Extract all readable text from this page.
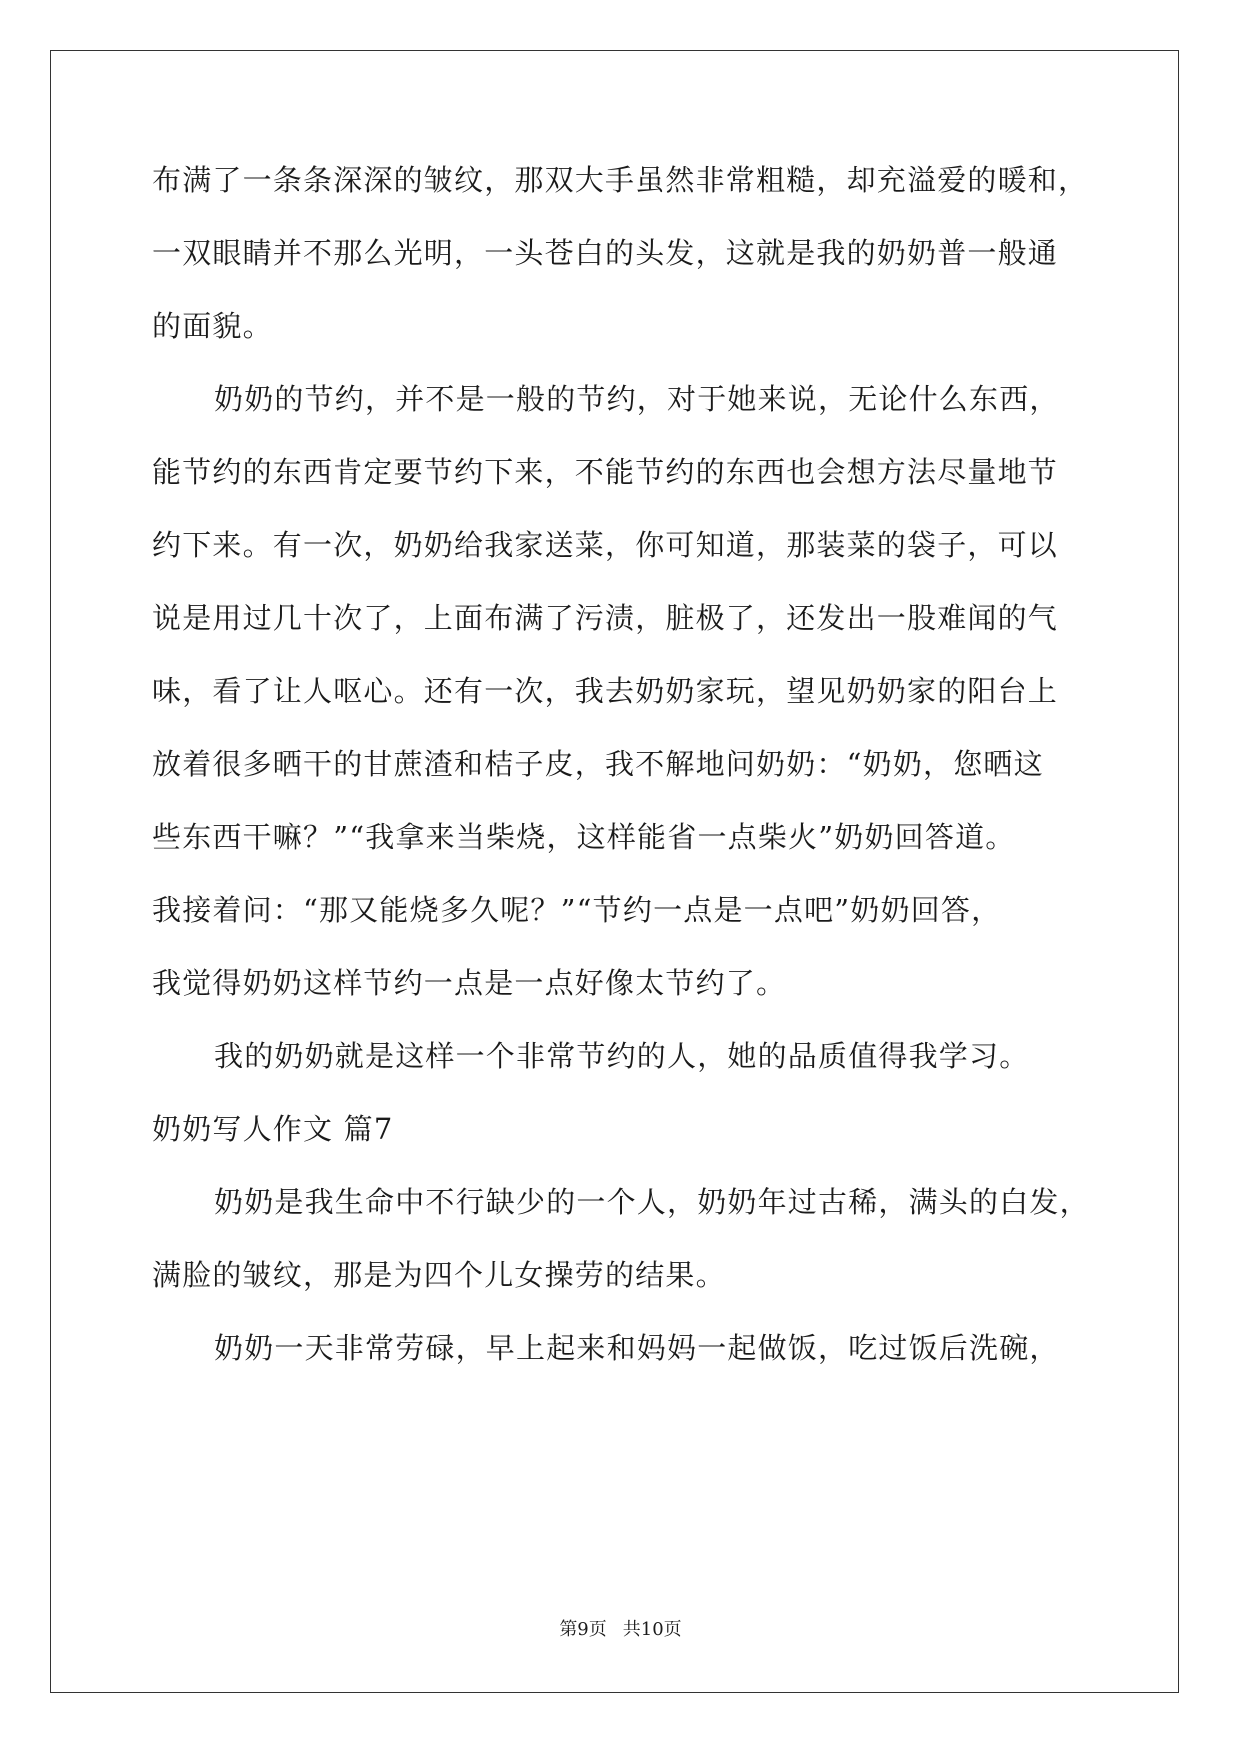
布满了一条条深深的皱纹，那双大手虽然非常粗糙，却充溢爱的暖和，
一双眼睛并不那么光明，一头苍白的头发，这就是我的奶奶普一般通
的面貌。
奶奶的节约，并不是一般的节约，对于她来说，无论什么东西，
能节约的东西肯定要节约下来，不能节约的东西也会想方法尽量地节
约下来。有一次，奶奶给我家送菜，你可知道，那装菜的袋子，可以
说是用过几十次了，上面布满了污渍，脏极了，还发出一股难闻的气
味，看了让人呕心。还有一次，我去奶奶家玩，望见奶奶家的阳台上
放着很多晒干的甘蔗渣和桔子皮，我不解地问奶奶：“奶奶，您晒这
些东西干嘛？”“我拿来当柴烧，这样能省一点柴火”奶奶回答道。
我接着问：“那又能烧多久呢？”“节约一点是一点吧”奶奶回答，
我觉得奶奶这样节约一点是一点好像太节约了。
我的奶奶就是这样一个非常节约的人，她的品质值得我学习。
奶奶写人作文 篇7
奶奶是我生命中不行缺少的一个人，奶奶年过古稀，满头的白发，
满脸的皱纹，那是为四个儿女操劳的结果。
奶奶一天非常劳碌，早上起来和妈妈一起做饭，吃过饭后洗碗，
第9页 共10页
